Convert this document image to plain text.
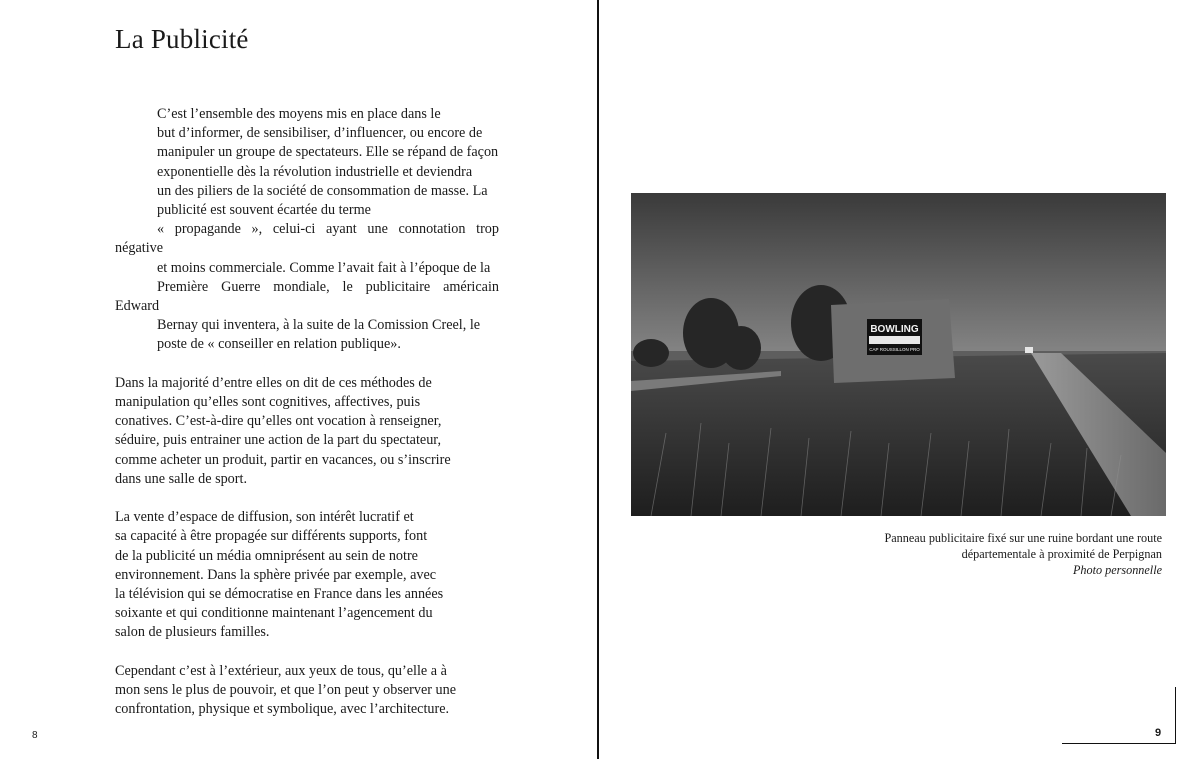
La Publicité

C’est l’ensemble des moyens mis en place dans le
but d’informer, de sensibiliser, d’influencer, ou encore de
manipuler un groupe de spectateurs. Elle se répand de façon
exponentielle dès la révolution industrielle et deviendra
un des piliers de la société de consommation de masse. La
publicité est souvent écartée du terme
« propagande », celui-ci ayant une connotation trop négative
et moins commerciale. Comme l’avait fait à l’époque de la
Première Guerre mondiale, le publicitaire américain Edward
Bernay qui inventera, à la suite de la Comission Creel, le
poste de « conseiller en relation publique».

Dans la majorité d’entre elles on dit de ces méthodes de
manipulation qu’elles sont cognitives, affectives, puis
conatives. C’est-à-dire qu’elles ont vocation à renseigner,
séduire, puis entrainer une action de la part du spectateur,
comme acheter un produit, partir en vacances, ou s’inscrire
dans une salle de sport.

La vente d’espace de diffusion, son intérêt lucratif et
sa capacité à être propagée sur différents supports, font
de la publicité un média omniprésent au sein de notre
environnement. Dans la sphère privée par exemple, avec
la télévision qui se démocratise en France dans les années
soixante et qui conditionne maintenant l’agencement du
salon de plusieurs familles.

Cependant c’est à l’extérieur, aux yeux de tous, qu’elle a à
mon sens le plus de pouvoir, et que l’on peut y observer une
confrontation, physique et symbolique, avec l’architecture.

8
BOWLING
CAP ROUSSILLON PRO
Panneau publicitaire fixé sur une ruine bordant une route
départementale à proximité de Perpignan
Photo personnelle
9
